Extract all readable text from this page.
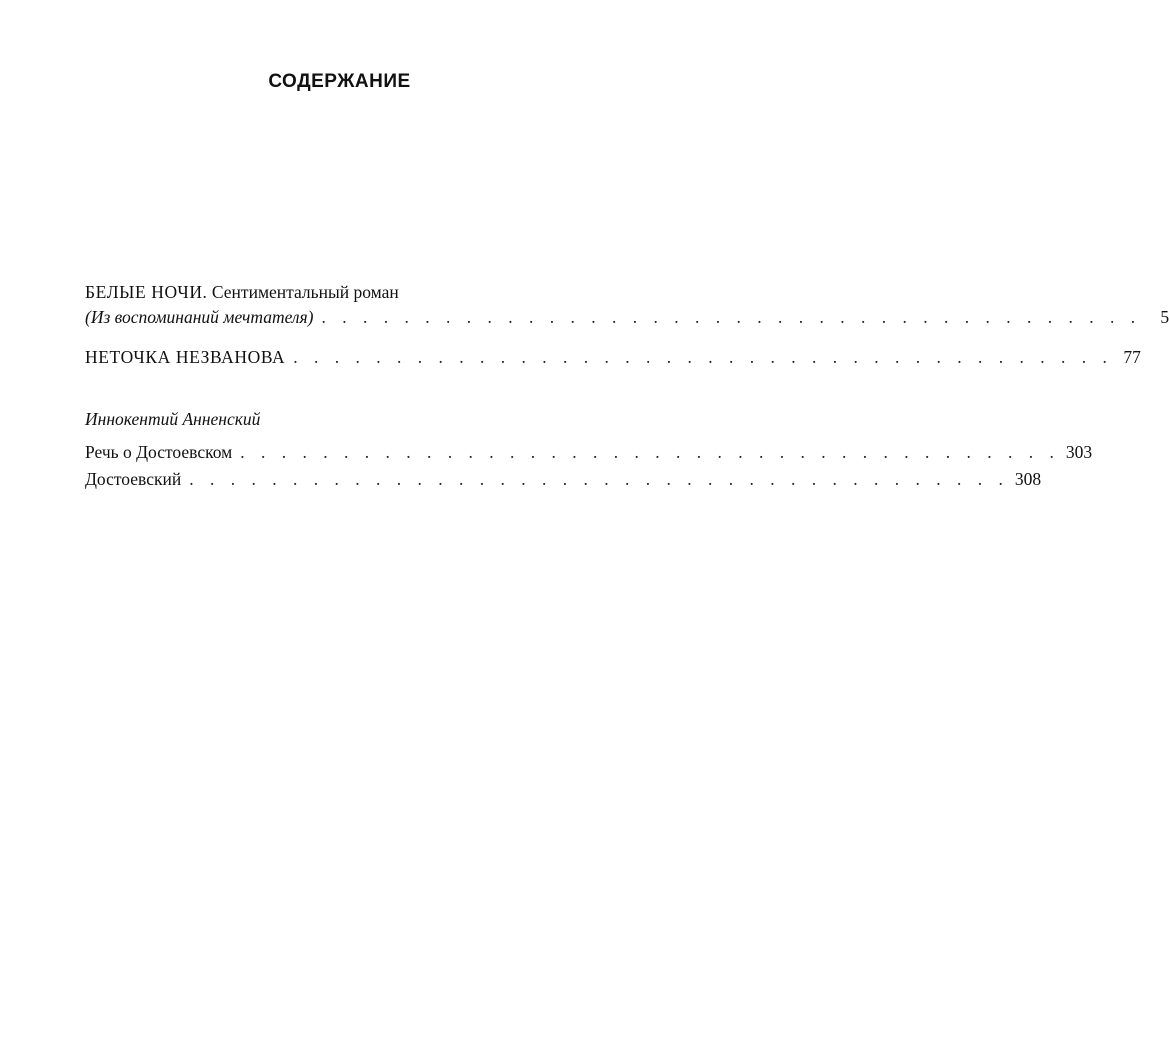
СОДЕРЖАНИЕ
БЕЛЫЕ НОЧИ. Сентиментальный роман
(Из воспоминаний мечтателя) . . . . . . . . . . . . . . . . . . . . . . . . . . . . . . . . . . . . . . . .	5
НЕТОЧКА НЕЗВАНОВА . . . . . . . . . . . . . . . . . . . . . . . . . . . . . . . . . . . . . . . . 77
Иннокентий Анненский
Речь о Достоевском . . . . . . . . . . . . . . . . . . . . . . . . . . . . . . . . . . . . . . . . 303
Достоевский . . . . . . . . . . . . . . . . . . . . . . . . . . . . . . . . . . . . . . . . 308
